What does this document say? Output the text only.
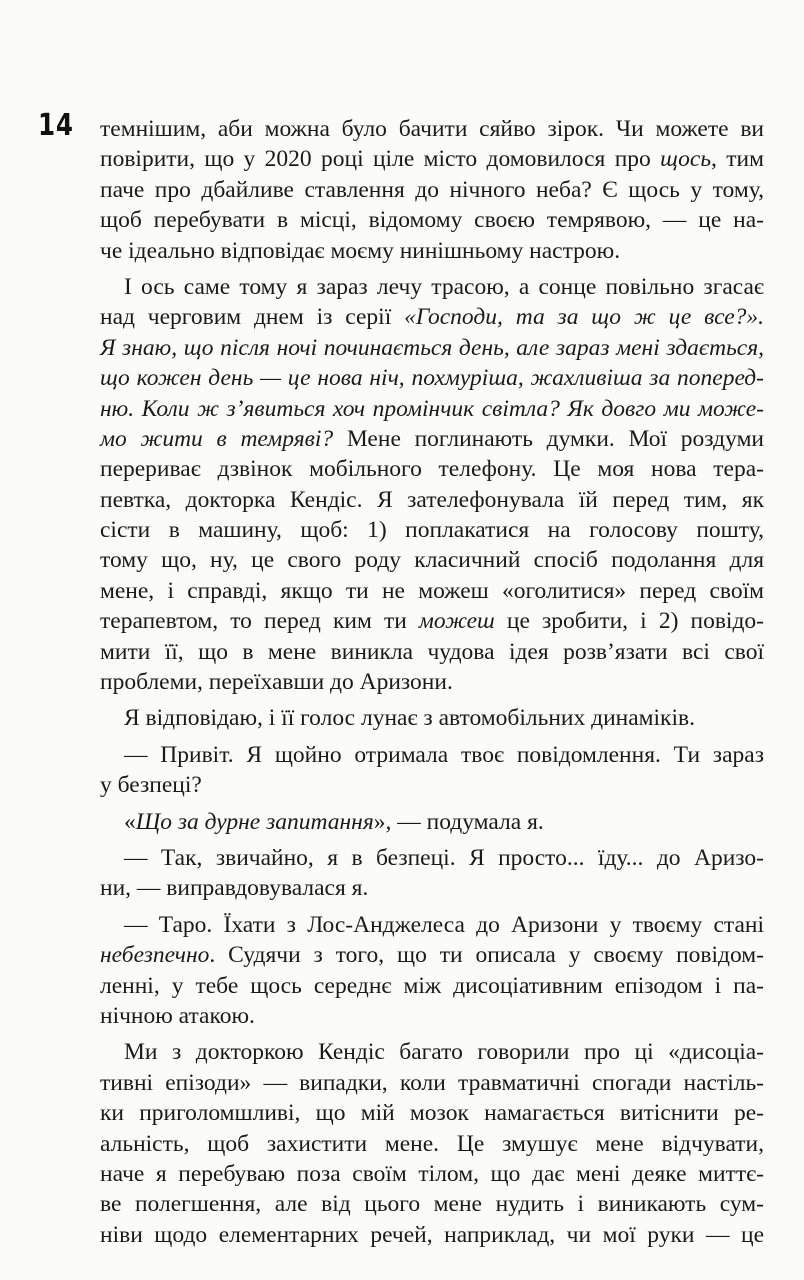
14 темнішим, аби можна було бачити сяйво зірок. Чи можете ви
повірити, що у 2020 році ціле місто домовилося про щось, тим
паче про дбайливе ставлення до нічного неба? Є щось у тому,
щоб перебувати в місці, відомому своєю темрявою, — це на-
че ідеально відповідає моєму нинішньому настрою.

І ось саме тому я зараз лечу трасою, а сонце повільно згасає
над черговим днем із серії «Господи, та за що ж це все?».
Я знаю, що після ночі починається день, але зараз мені здається,
що кожен день — це нова ніч, похмуріша, жахливіша за поперед-
ню. Коли ж з’явиться хоч промінчик світла? Як довго ми може-
мо жити в темряві? Мене поглинають думки. Мої роздуми
перериває дзвінок мобільного телефону. Це моя нова тера-
певтка, докторка Кендіс. Я зателефонувала їй перед тим, як
сісти в машину, щоб: 1) поплакатися на голосову пошту,
тому що, ну, це свого роду класичний спосіб подолання для
мене, і справді, якщо ти не можеш «оголитися» перед своїм
терапевтом, то перед ким ти можеш це зробити, і 2) повідо-
мити її, що в мене виникла чудова ідея розв’язати всі свої
проблеми, переїхавши до Аризони.

Я відповідаю, і її голос лунає з автомобільних динаміків.

— Привіт. Я щойно отримала твоє повідомлення. Ти зараз
у безпеці?

«Що за дурне запитання», — подумала я.

— Так, звичайно, я в безпеці. Я просто... їду... до Аризо-
ни, — виправдовувалася я.

— Таро. Їхати з Лос-Анджелеса до Аризони у твоєму стані
небезпечно. Судячи з того, що ти описала у своєму повідом-
ленні, у тебе щось середнє між дисоціативним епізодом і па-
нічною атакою.

Ми з докторкою Кендіс багато говорили про ці «дисоціа-
тивні епізоди» — випадки, коли травматичні спогади настіль-
ки приголомшливі, що мій мозок намагається витіснити ре-
альність, щоб захистити мене. Це змушує мене відчувати,
наче я перебуваю поза своїм тілом, що дає мені деяке миттє-
ве полегшення, але від цього мене нудить і виникають сум-
ніви щодо елементарних речей, наприклад, чи мої руки — це
